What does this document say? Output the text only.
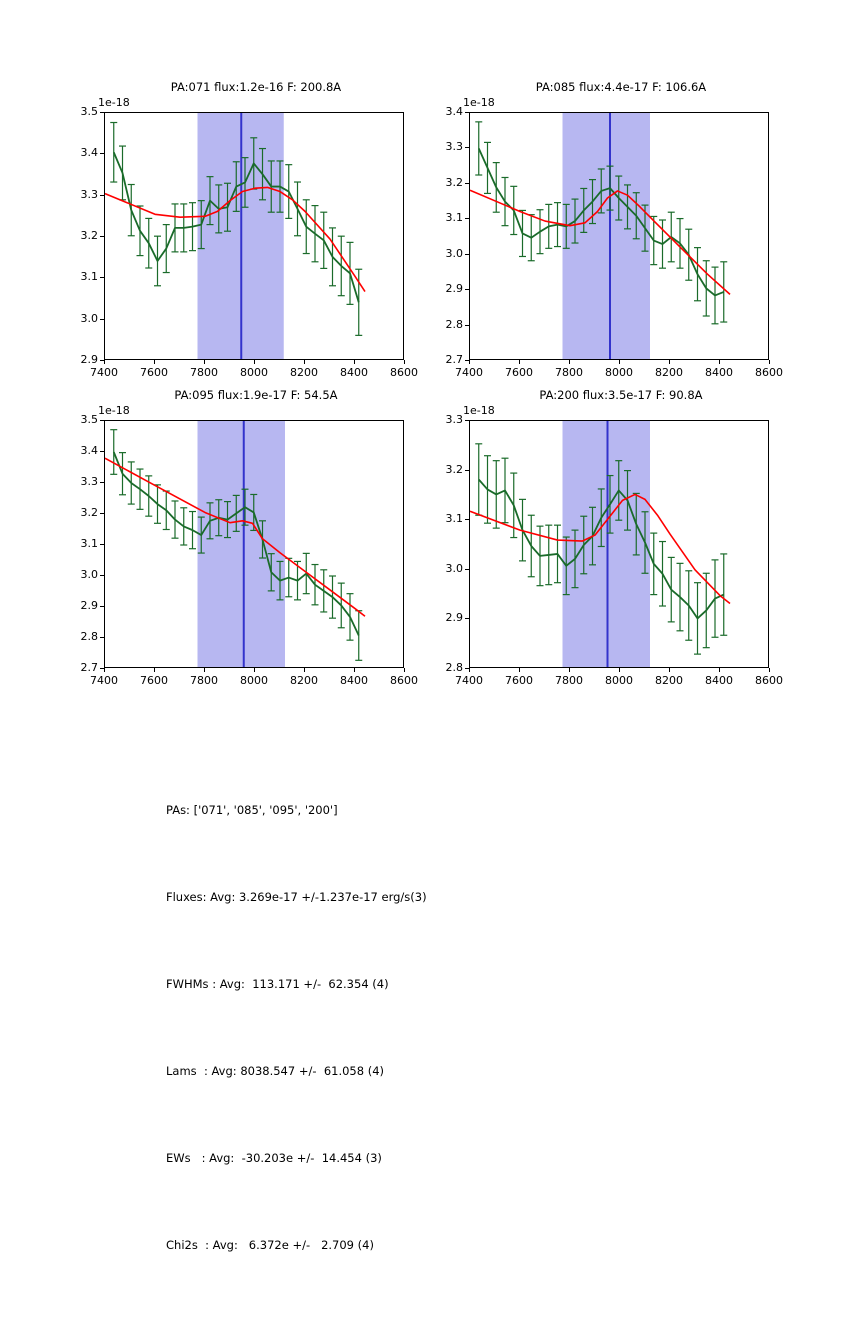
PA:071 flux:1.2e-16 F: 200.8A

1e-18
2.9
3.0
3.1
3.2
3.3
3.4
3.5
7400	7600	7800	8000	8200	8400	8600

PA:085 flux:4.4e-17 F: 106.6A

1e-18
2.7
2.8
2.9
3.0
3.1
3.2
3.3
3.4
7400	7600	7800	8000	8200	8400	8600

PA:095 flux:1.9e-17 F: 54.5A

1e-18
2.7
2.8
2.9
3.0
3.1
3.2
3.3
3.4
3.5
7400	7600	7800	8000	8200	8400	8600

PA:200 flux:3.5e-17 F: 90.8A

1e-18
2.8
2.9
3.0
3.1
3.2
3.3
7400	7600	7800	8000	8200	8400	8600

PAs: ['071', '085', '095', '200']

Fluxes: Avg: 3.269e-17 +/-1.237e-17 erg/s(3)

FWHMs : Avg:  113.171 +/-  62.354 (4)

Lams  : Avg: 8038.547 +/-  61.058 (4)

EWs   : Avg:  -30.203e +/-  14.454 (3)

Chi2s  : Avg:   6.372e +/-   2.709 (4)
